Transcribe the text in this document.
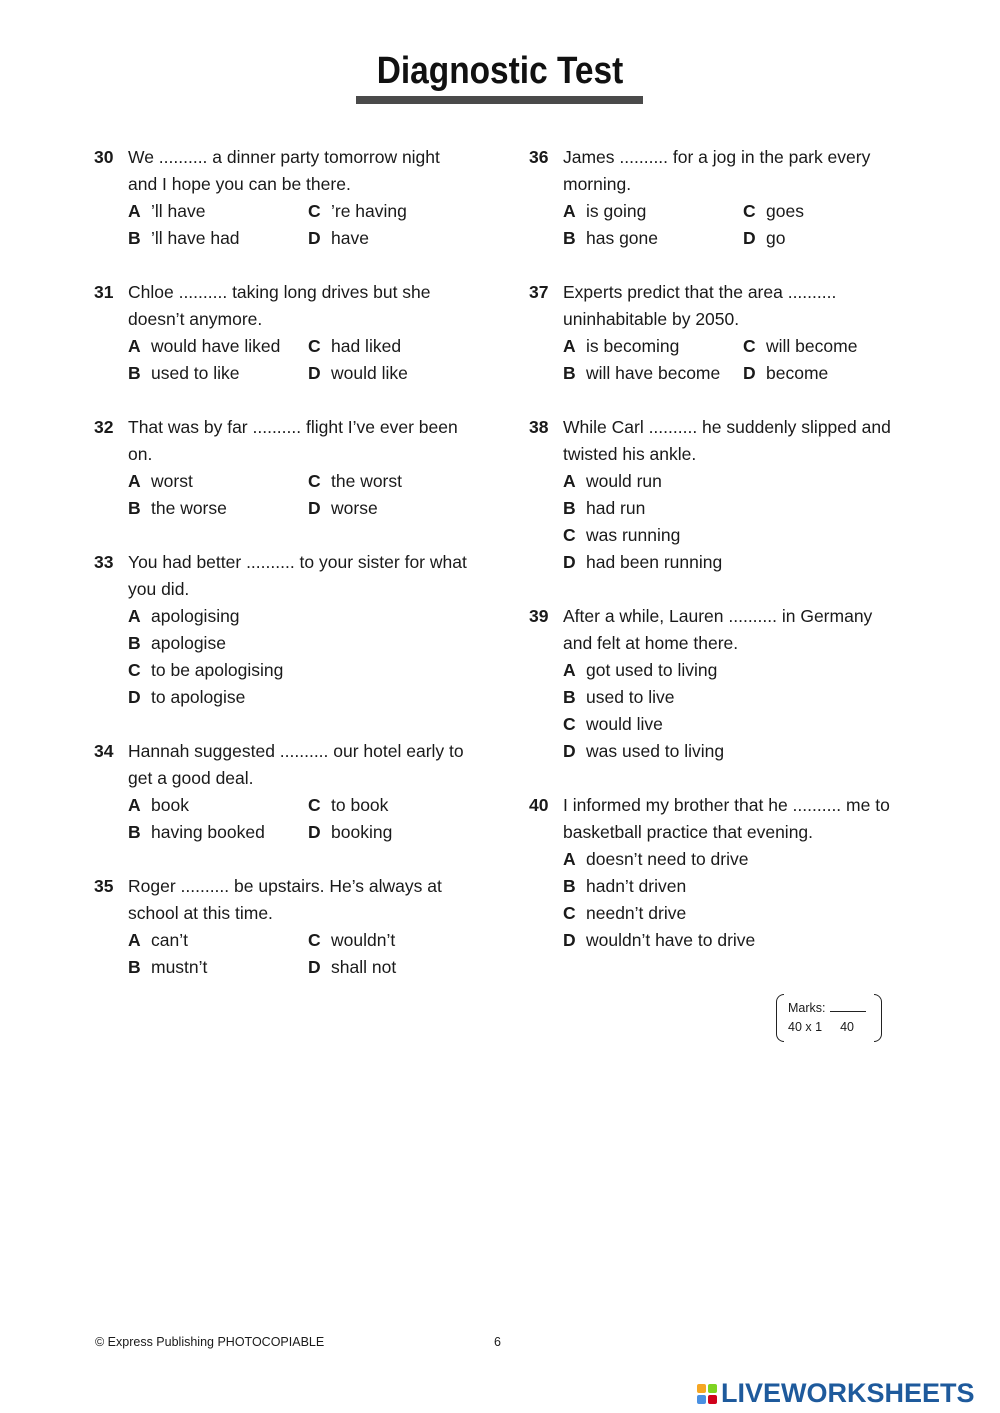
Diagnostic Test
30 We .......... a dinner party tomorrow night and I hope you can be there.
A ’ll have	C ’re having
B ’ll have had	D have
31 Chloe .......... taking long drives but she doesn’t anymore.
A would have liked C had liked
B used to like	D would like
32 That was by far .......... flight I’ve ever been on.
A worst	C the worst
B the worse	D worse
33 You had better .......... to your sister for what you did.
A apologising
B apologise
C to be apologising
D to apologise
34 Hannah suggested .......... our hotel early to get a good deal.
A book	C to book
B having booked D booking
35 Roger .......... be upstairs. He’s always at school at this time.
A can’t	C wouldn’t
B mustn’t	D shall not
36 James .......... for a jog in the park every morning.
A is going	C goes
B has gone	D go
37 Experts predict that the area .......... uninhabitable by 2050.
A is becoming	C will become
B will have become D become
38 While Carl .......... he suddenly slipped and twisted his ankle.
A would run
B had run
C was running
D had been running
39 After a while, Lauren .......... in Germany and felt at home there.
A got used to living
B used to live
C would live
D was used to living
40 I informed my brother that he .......... me to basketball practice that evening.
A doesn’t need to drive
B hadn’t driven
C needn’t drive
D wouldn’t have to drive
Marks:
40 x 1 40
© Express Publishing PHOTOCOPIABLE	6
LIVEWORKSHEETS
